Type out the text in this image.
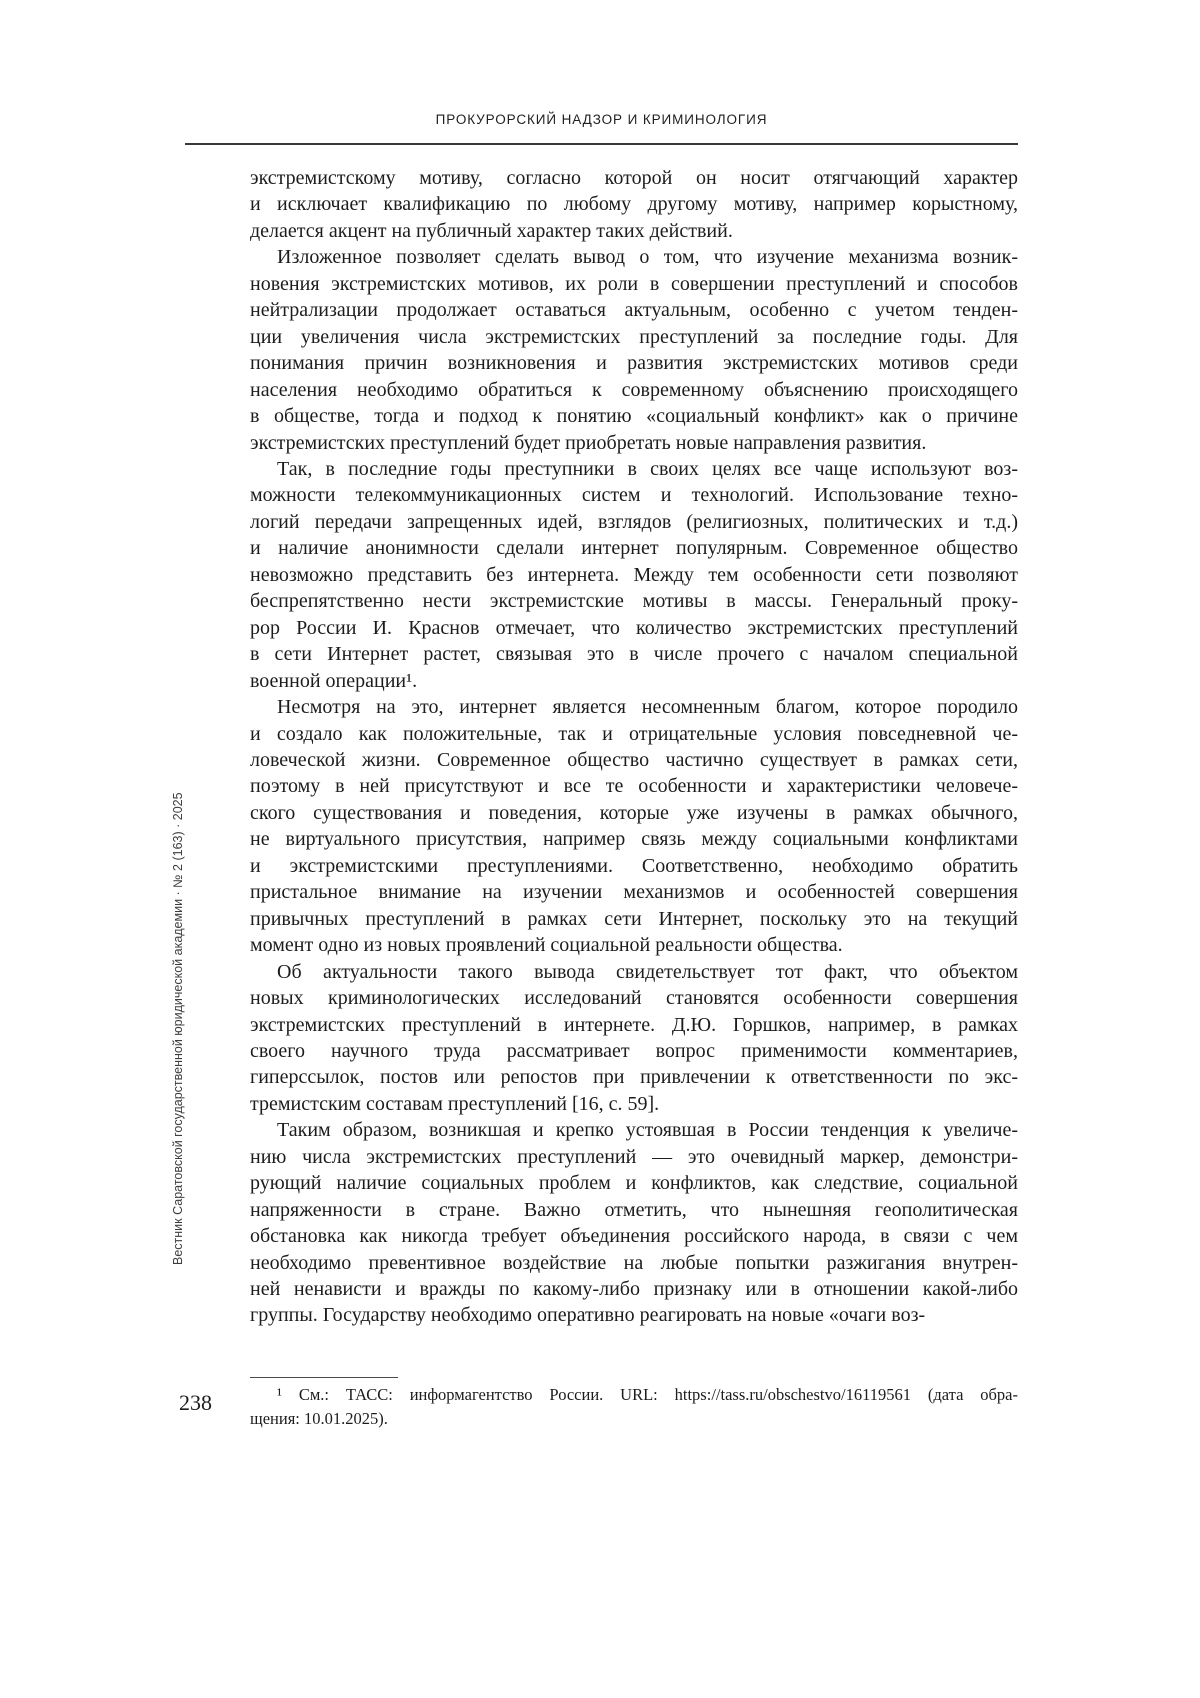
ПРОКУРОРСКИЙ НАДЗОР И КРИМИНОЛОГИЯ
Вестник Саратовской государственной юридической академии · № 2 (163) · 2025
238
экстремистскому мотиву, согласно которой он носит отягчающий характер
и исключает квалификацию по любому другому мотиву, например корыстному,
делается акцент на публичный характер таких действий.
Изложенное позволяет сделать вывод о том, что изучение механизма возник-
новения экстремистских мотивов, их роли в совершении преступлений и способов
нейтрализации продолжает оставаться актуальным, особенно с учетом тенден-
ции увеличения числа экстремистских преступлений за последние годы. Для
понимания причин возникновения и развития экстремистских мотивов среди
населения необходимо обратиться к современному объяснению происходящего
в обществе, тогда и подход к понятию «социальный конфликт» как о причине
экстремистских преступлений будет приобретать новые направления развития.
Так, в последние годы преступники в своих целях все чаще используют воз-
можности телекоммуникационных систем и технологий. Использование техно-
логий передачи запрещенных идей, взглядов (религиозных, политических и т.д.)
и наличие анонимности сделали интернет популярным. Современное общество
невозможно представить без интернета. Между тем особенности сети позволяют
беспрепятственно нести экстремистские мотивы в массы. Генеральный проку-
рор России И. Краснов отмечает, что количество экстремистских преступлений
в сети Интернет растет, связывая это в числе прочего с началом специальной
военной операции¹.
Несмотря на это, интернет является несомненным благом, которое породило
и создало как положительные, так и отрицательные условия повседневной че-
ловеческой жизни. Современное общество частично существует в рамках сети,
поэтому в ней присутствуют и все те особенности и характеристики человече-
ского существования и поведения, которые уже изучены в рамках обычного,
не виртуального присутствия, например связь между социальными конфликтами
и экстремистскими преступлениями. Соответственно, необходимо обратить
пристальное внимание на изучении механизмов и особенностей совершения
привычных преступлений в рамках сети Интернет, поскольку это на текущий
момент одно из новых проявлений социальной реальности общества.
Об актуальности такого вывода свидетельствует тот факт, что объектом
новых криминологических исследований становятся особенности совершения
экстремистских преступлений в интернете. Д.Ю. Горшков, например, в рамках
своего научного труда рассматривает вопрос применимости комментариев,
гиперссылок, постов или репостов при привлечении к ответственности по экс-
тремистским составам преступлений [16, с. 59].
Таким образом, возникшая и крепко устоявшая в России тенденция к увеличе-
нию числа экстремистских преступлений — это очевидный маркер, демонстри-
рующий наличие социальных проблем и конфликтов, как следствие, социальной
напряженности в стране. Важно отметить, что нынешняя геополитическая
обстановка как никогда требует объединения российского народа, в связи с чем
необходимо превентивное воздействие на любые попытки разжигания внутрен-
ней ненависти и вражды по какому-либо признаку или в отношении какой-либо
группы. Государству необходимо оперативно реагировать на новые «очаги воз-
¹ См.: ТАСС: информагентство России. URL: https://tass.ru/obschestvo/16119561 (дата обра-
щения: 10.01.2025).
